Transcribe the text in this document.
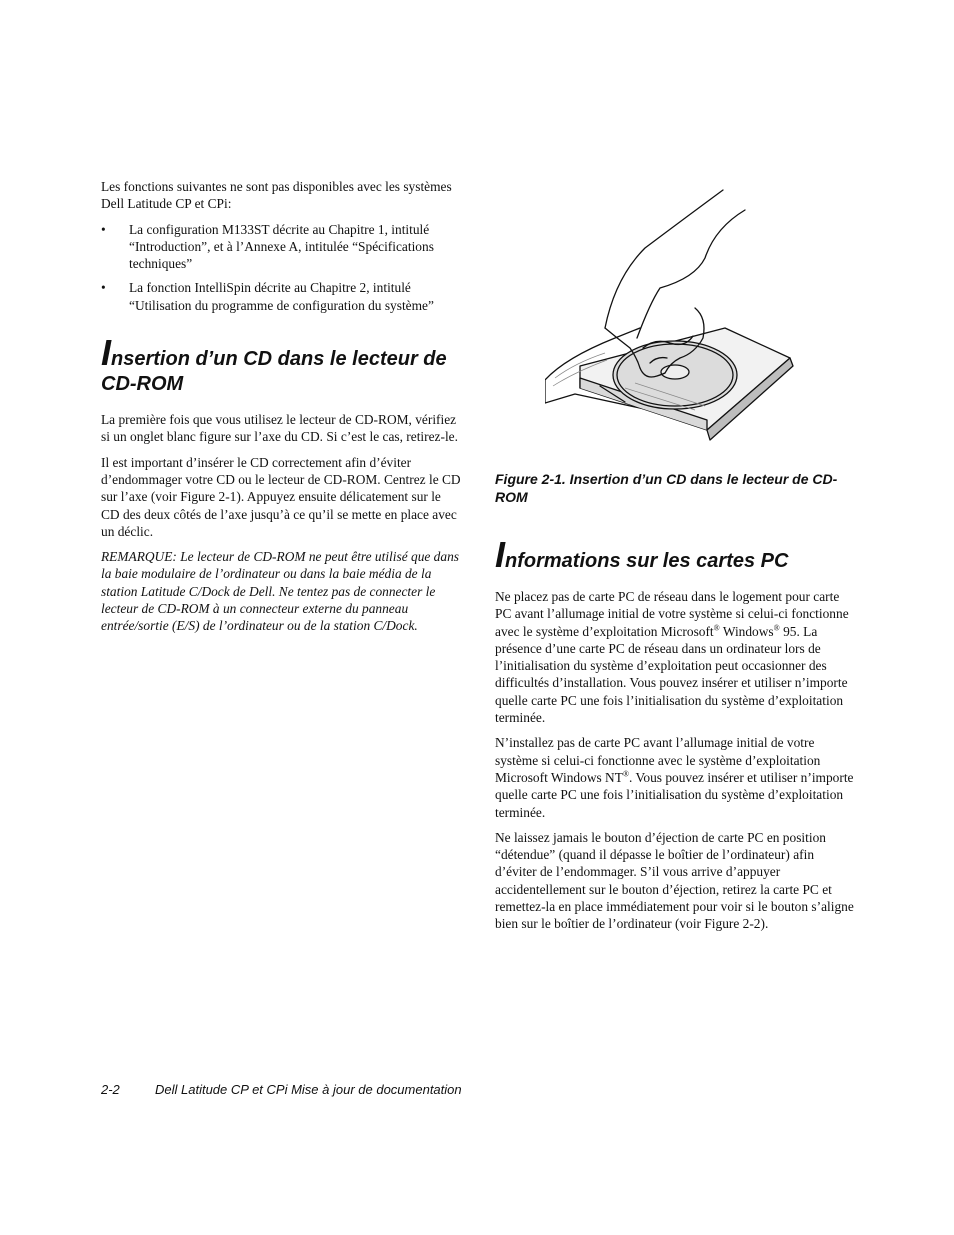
Les fonctions suivantes ne sont pas disponibles avec les systèmes Dell Latitude CP et CPi:

• La configuration M133ST décrite au Chapitre 1, intitulé “Introduction”, et à l’Annexe A, intitulée “Spécifications techniques”
• La fonction IntelliSpin décrite au Chapitre 2, intitulé “Utilisation du programme de configuration du système”
Insertion d’un CD dans le lecteur de CD-ROM

La première fois que vous utilisez le lecteur de CD-ROM, vérifiez si un onglet blanc figure sur l’axe du CD. Si c’est le cas, retirez-le.

Il est important d’insérer le CD correctement afin d’éviter d’endommager votre CD ou le lecteur de CD-ROM. Centrez le CD sur l’axe (voir Figure 2-1). Appuyez ensuite délicatement sur le CD des deux côtés de l’axe jusqu’à ce qu’il se mette en place avec un déclic.

REMARQUE: Le lecteur de CD-ROM ne peut être utilisé que dans la baie modulaire de l’ordinateur ou dans la baie média de la station Latitude C/Dock de Dell. Ne tentez pas de connecter le lecteur de CD-ROM à un connecteur externe du panneau entrée/sortie (E/S) de l’ordinateur ou de la station C/Dock.

Figure 2-1. Insertion d’un CD dans le lecteur de CD-ROM

Informations sur les cartes PC

Ne placez pas de carte PC de réseau dans le logement pour carte PC avant l’allumage initial de votre système si celui-ci fonctionne avec le système d’exploitation Microsoft® Windows® 95. La présence d’une carte PC de réseau dans un ordinateur lors de l’initialisation du système d’exploitation peut occasionner des difficultés d’installation. Vous pouvez insérer et utiliser n’importe quelle carte PC une fois l’initialisation du système d’exploitation terminée.

N’installez pas de carte PC avant l’allumage initial de votre système si celui-ci fonctionne avec le système d’exploitation Microsoft Windows NT®. Vous pouvez insérer et utiliser n’importe quelle carte PC une fois l’initialisation du système d’exploitation terminée.

Ne laissez jamais le bouton d’éjection de carte PC en position “détendue” (quand il dépasse le boîtier de l’ordinateur) afin d’éviter de l’endommager. S’il vous arrive d’appuyer accidentellement sur le bouton d’éjection, retirez la carte PC et remettez-la en place immédiatement pour voir si le bouton s’aligne bien sur le boîtier de l’ordinateur (voir Figure 2-2).

2-2	Dell Latitude CP et CPi Mise à jour de documentation
